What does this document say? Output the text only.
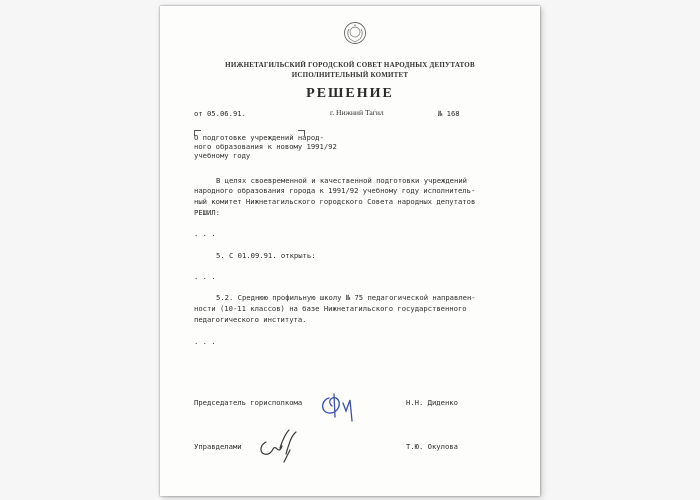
НИЖНЕТАГИЛЬСКИЙ ГОРОДСКОЙ СОВЕТ НАРОДНЫХ ДЕПУТАТОВ
ИСПОЛНИТЕЛЬНЫЙ КОМИТЕТ
РЕШЕНИЕ
от 05.06.91.	г. Нижний Тагил	№ 168
О подготовке учреждений народ-
ного образования к новому 1991/92
учебному году
В целях своевременной и качественной подготовки учреждений
народного образования города к 1991/92 учебному году исполнитель-
ный комитет Нижнетагильского городского Совета народных депутатов
РЕШИЛ:
. . .
5. С 01.09.91. открыть:
. . .
5.2. Среднюю профильную школу № 75 педагогической направлен-
ности (10-11 классов) на базе Нижнетагильского государственного
педагогического института.
. . .
Председатель горисполкома	Н.Н. Диденко
Управделами	Т.Ю. Окулова
